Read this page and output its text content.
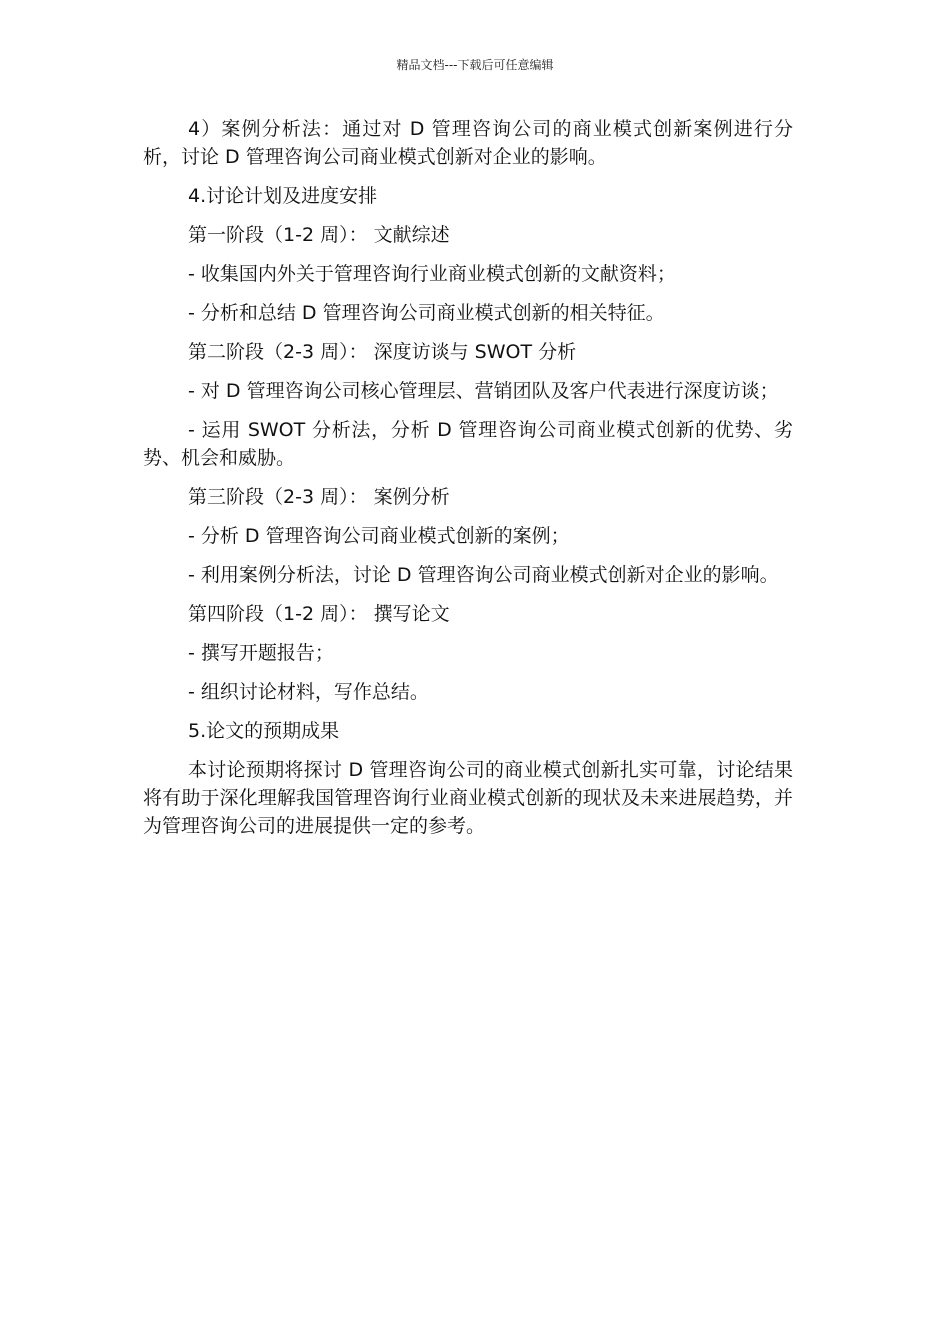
精品文档---下载后可任意编辑

4）案例分析法：通过对 D 管理咨询公司的商业模式创新案例进行分析，讨论 D 管理咨询公司商业模式创新对企业的影响。

4.讨论计划及进度安排

第一阶段（1-2 周）： 文献综述

- 收集国内外关于管理咨询行业商业模式创新的文献资料；

- 分析和总结 D 管理咨询公司商业模式创新的相关特征。

第二阶段（2-3 周）： 深度访谈与 SWOT 分析

- 对 D 管理咨询公司核心管理层、营销团队及客户代表进行深度访谈；

- 运用 SWOT 分析法，分析 D 管理咨询公司商业模式创新的优势、劣势、机会和威胁。

第三阶段（2-3 周）： 案例分析

- 分析 D 管理咨询公司商业模式创新的案例；

- 利用案例分析法，讨论 D 管理咨询公司商业模式创新对企业的影响。

第四阶段（1-2 周）： 撰写论文

- 撰写开题报告；

- 组织讨论材料，写作总结。

5.论文的预期成果

本讨论预期将探讨 D 管理咨询公司的商业模式创新扎实可靠，讨论结果将有助于深化理解我国管理咨询行业商业模式创新的现状及未来进展趋势，并为管理咨询公司的进展提供一定的参考。
